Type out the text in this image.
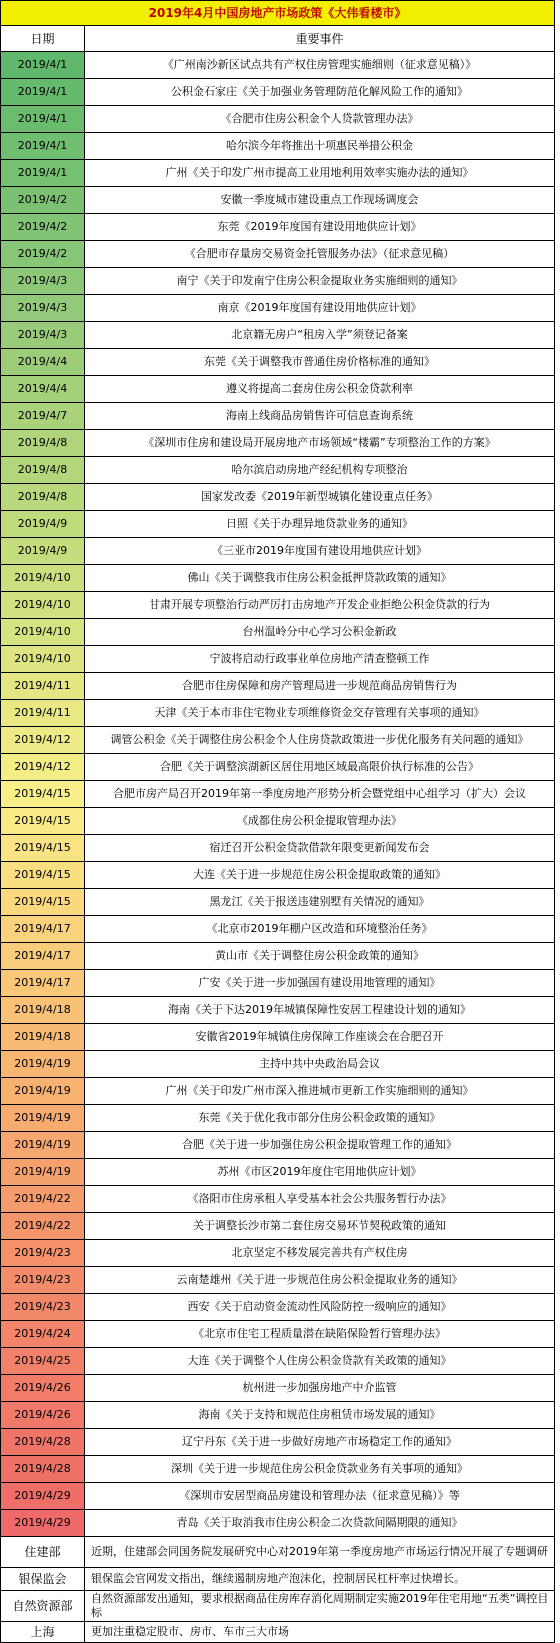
2019年4月中国房地产市场政策《大伟看楼市》	
日期	重要事件
2019/4/1	《广州南沙新区试点共有产权住房管理实施细则（征求意见稿）》
2019/4/1	公积金石家庄《关于加强业务管理防范化解风险工作的通知》
2019/4/1	《合肥市住房公积金个人贷款管理办法》
2019/4/1	哈尔滨今年将推出十项惠民举措公积金
2019/4/1	广州《关于印发广州市提高工业用地利用效率实施办法的通知》
2019/4/2	安徽一季度城市建设重点工作现场调度会
2019/4/2	东莞《2019年度国有建设用地供应计划》
2019/4/2	《合肥市存量房交易资金托管服务办法》（征求意见稿）
2019/4/3	南宁《关于印发南宁住房公积金提取业务实施细则的通知》
2019/4/3	南京《2019年度国有建设用地供应计划》
2019/4/3	北京籍无房户“租房入学”须登记备案
2019/4/4	东莞《关于调整我市普通住房价格标准的通知》
2019/4/4	遵义将提高二套房住房公积金贷款利率
2019/4/7	海南上线商品房销售许可信息查询系统
2019/4/8	《深圳市住房和建设局开展房地产市场领域“楼霸”专项整治工作的方案》
2019/4/8	哈尔滨启动房地产经纪机构专项整治
2019/4/8	国家发改委《2019年新型城镇化建设重点任务》
2019/4/9	日照《关于办理异地贷款业务的通知》
2019/4/9	《三亚市2019年度国有建设用地供应计划》
2019/4/10	佛山《关于调整我市住房公积金抵押贷款政策的通知》
2019/4/10	甘肃开展专项整治行动严厉打击房地产开发企业拒绝公积金贷款的行为
2019/4/10	台州温岭分中心学习公积金新政
2019/4/10	宁波将启动行政事业单位房地产清查整顿工作
2019/4/11	合肥市住房保障和房产管理局进一步规范商品房销售行为
2019/4/11	天津《关于本市非住宅物业专项维修资金交存管理有关事项的通知》
2019/4/12	调管公积金《关于调整住房公积金个人住房贷款政策进一步优化服务有关问题的通知》
2019/4/12	合肥《关于调整滨湖新区居住用地区域最高限价执行标准的公告》
2019/4/15	合肥市房产局召开2019年第一季度房地产形势分析会暨党组中心组学习（扩大）会议
2019/4/15	《成都住房公积金提取管理办法》
2019/4/15	宿迁召开公积金贷款借款年限变更新闻发布会
2019/4/15	大连《关于进一步规范住房公积金提取政策的通知》
2019/4/15	黑龙江《关于报送违建别墅有关情况的通知》
2019/4/17	《北京市2019年棚户区改造和环境整治任务》
2019/4/17	黄山市《关于调整住房公积金政策的通知》
2019/4/17	广安《关于进一步加强国有建设用地管理的通知》
2019/4/18	海南《关于下达2019年城镇保障性安居工程建设计划的通知》
2019/4/18	安徽省2019年城镇住房保障工作座谈会在合肥召开
2019/4/19	主持中共中央政治局会议
2019/4/19	广州《关于印发广州市深入推进城市更新工作实施细则的通知》
2019/4/19	东莞《关于优化我市部分住房公积金政策的通知》
2019/4/19	合肥《关于进一步加强住房公积金提取管理工作的通知》
2019/4/19	苏州《市区2019年度住宅用地供应计划》
2019/4/22	《洛阳市住房承租人享受基本社会公共服务暂行办法》
2019/4/22	关于调整长沙市第二套住房交易环节契税政策的通知
2019/4/23	北京坚定不移发展完善共有产权住房
2019/4/23	云南楚雄州《关于进一步规范住房公积金提取业务的通知》
2019/4/23	西安《关于启动资金流动性风险防控一级响应的通知》
2019/4/24	《北京市住宅工程质量潜在缺陷保险暂行管理办法》
2019/4/25	大连《关于调整个人住房公积金贷款有关政策的通知》
2019/4/26	杭州进一步加强房地产中介监管
2019/4/26	海南《关于支持和规范住房租赁市场发展的通知》
2019/4/28	辽宁丹东《关于进一步做好房地产市场稳定工作的通知》
2019/4/28	深圳《关于进一步规范住房公积金贷款业务有关事项的通知》
2019/4/29	《深圳市安居型商品房建设和管理办法（征求意见稿）》等
2019/4/29	青岛《关于取消我市住房公积金二次贷款间隔期限的通知》
住建部	近期，住建部会同国务院发展研究中心对2019年第一季度房地产市场运行情况开展了专题调研
银保监会	银保监会官网发文指出，继续遏制房地产泡沫化，控制居民杠杆率过快增长。
自然资源部	自然资源部发出通知，要求根据商品住房库存消化周期制定实施2019年住宅用地“五类”调控目标
上海	更加注重稳定股市、房市、车市三大市场
